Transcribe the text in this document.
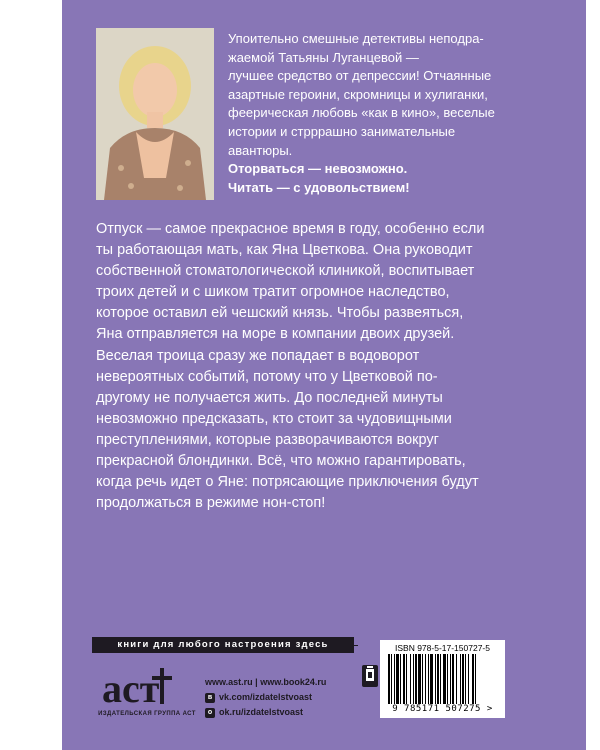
Упоительно смешные детективы неподра-

жаемой Татьяны Луганцевой —

лучшее средство от депрессии! Отчаянные

азартные героини, скромницы и хулиганки,

феерическая любовь «как в кино», веселые

истории и стрррашно занимательные

авантюры.

Оторваться — невозможно.

Читать — с удовольствием!

Отпуск — самое прекрасное время в году, особенно если
ты работающая мать, как Яна Цветкова. Она руководит
собственной стоматологической клиникой, воспитывает
троих детей и с шиком тратит огромное наследство,
которое оставил ей чешский князь. Чтобы развеяться,
Яна отправляется на море в компании двоих друзей.
Веселая троица сразу же попадает в водоворот
невероятных событий, потому что у Цветковой по-
другому не получается жить. До последней минуты
невозможно предсказать, кто стоит за чудовищными
преступлениями, которые разворачиваются вокруг
прекрасной блондинки. Всё, что можно гарантировать,
когда речь идет о Яне: потрясающие приключения будут
продолжаться в режиме нон-стоп!
книги для любого настроения здесь
аст
ИЗДАТЕЛЬСКАЯ ГРУППА АСТ
www.ast.ru | www.book24.ru
в vk.com/izdatelstvoast
о ok.ru/izdatelstvoast
ISBN 978-5-17-150727-5
9 785171 507275 >
